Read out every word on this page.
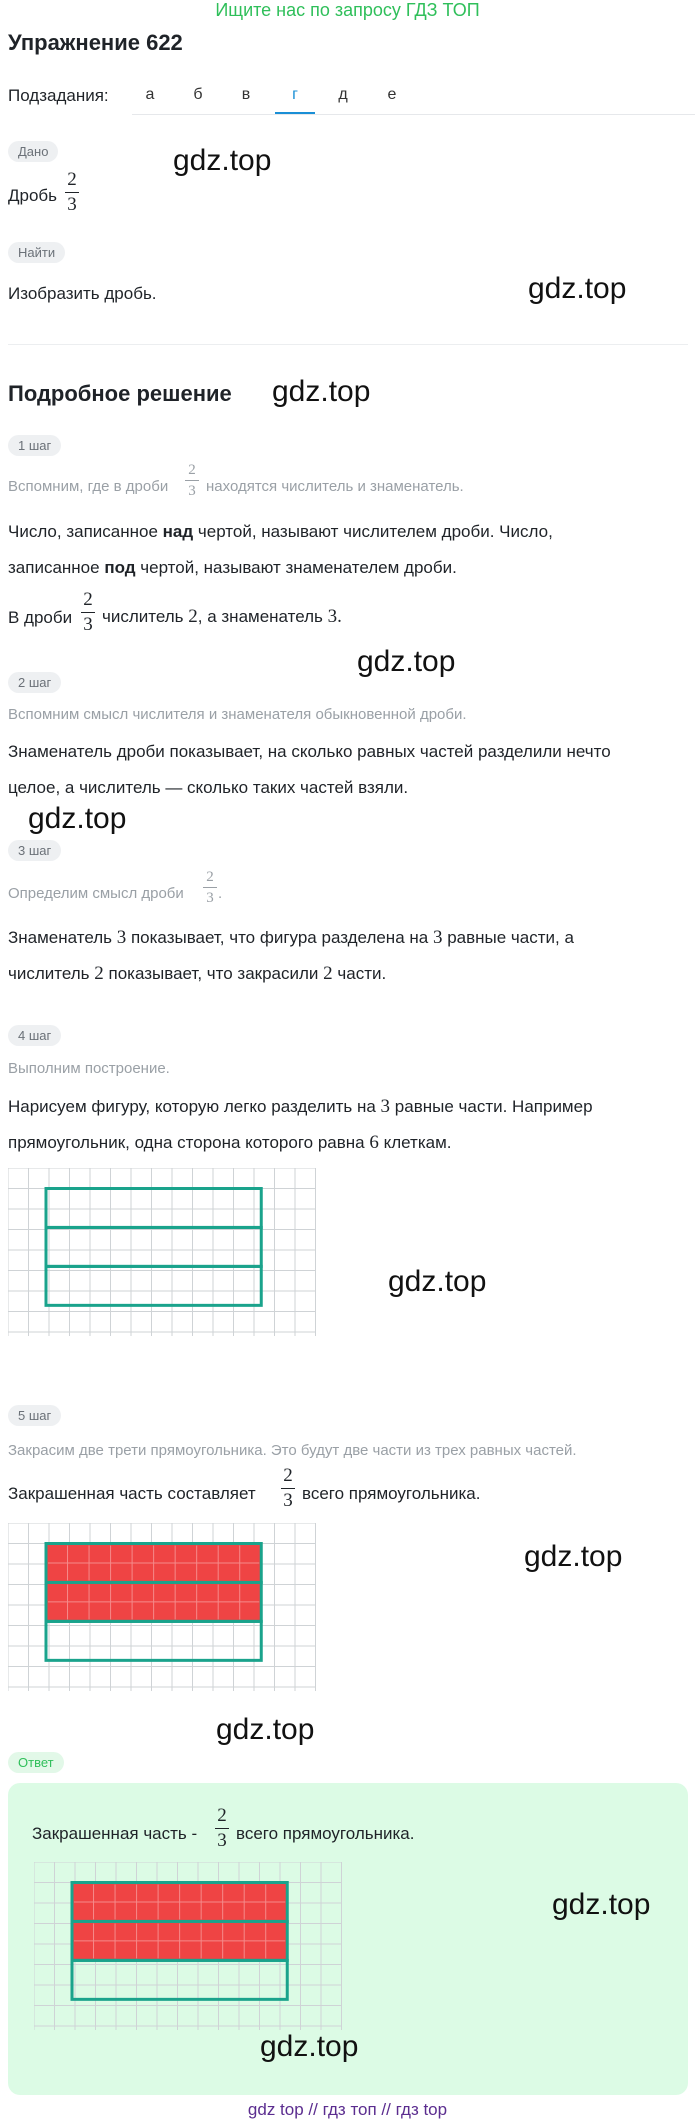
Ищите нас по запросу ГДЗ ТОП
Упражнение 622
Подзадания:	а	б	в	г	д	е
Дано
Дробь
2
3
gdz.top
Найти
Изобразить дробь.	gdz.top
Подробное решение gdz.top
1 шаг
Вспомним, где в дроби
2
3 находятся числитель и знаменатель.
Число, записанное над чертой, называют числителем дроби. Число,
записанное под чертой, называют знаменателем дроби.
В дроби
2
3 числитель 2, а знаменатель 3.
gdz.top
2 шаг
Вспомним смысл числителя и знаменателя обыкновенной дроби.
Знаменатель дроби показывает, на сколько равных частей разделили нечто
целое, а числитель — сколько таких частей взяли.
gdz.top
3 шаг
Определим смысл дроби
2
3 .
Знаменатель 3 показывает, что фигура разделена на 3 равные части, а
числитель 2 показывает, что закрасили 2 части.
4 шаг
Выполним построение.
Нарисуем фигуру, которую легко разделить на 3 равные части. Например
прямоугольник, одна сторона которого равна 6 клеткам.
gdz.top
5 шаг
Закрасим две трети прямоугольника. Это будут две части из трех равных частей.
Закрашенная часть составляет
2
3 всего прямоугольника.
gdz.top
gdz.top
Ответ
Закрашенная часть -
2
3 всего прямоугольника.
gdz.top
gdz.top
gdz top // гдз топ // гдз top
